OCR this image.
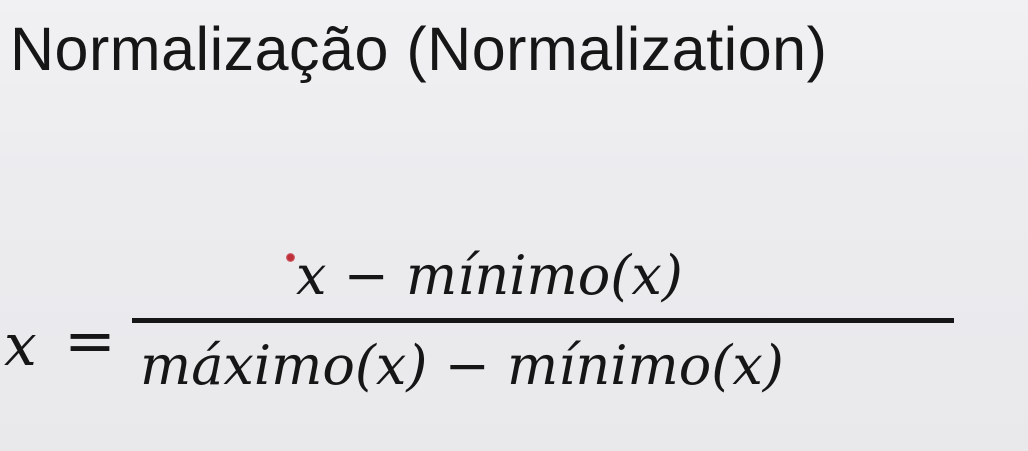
Normalização (Normalization)
x =
x − mínimo(x)
máximo(x) − mínimo(x)
